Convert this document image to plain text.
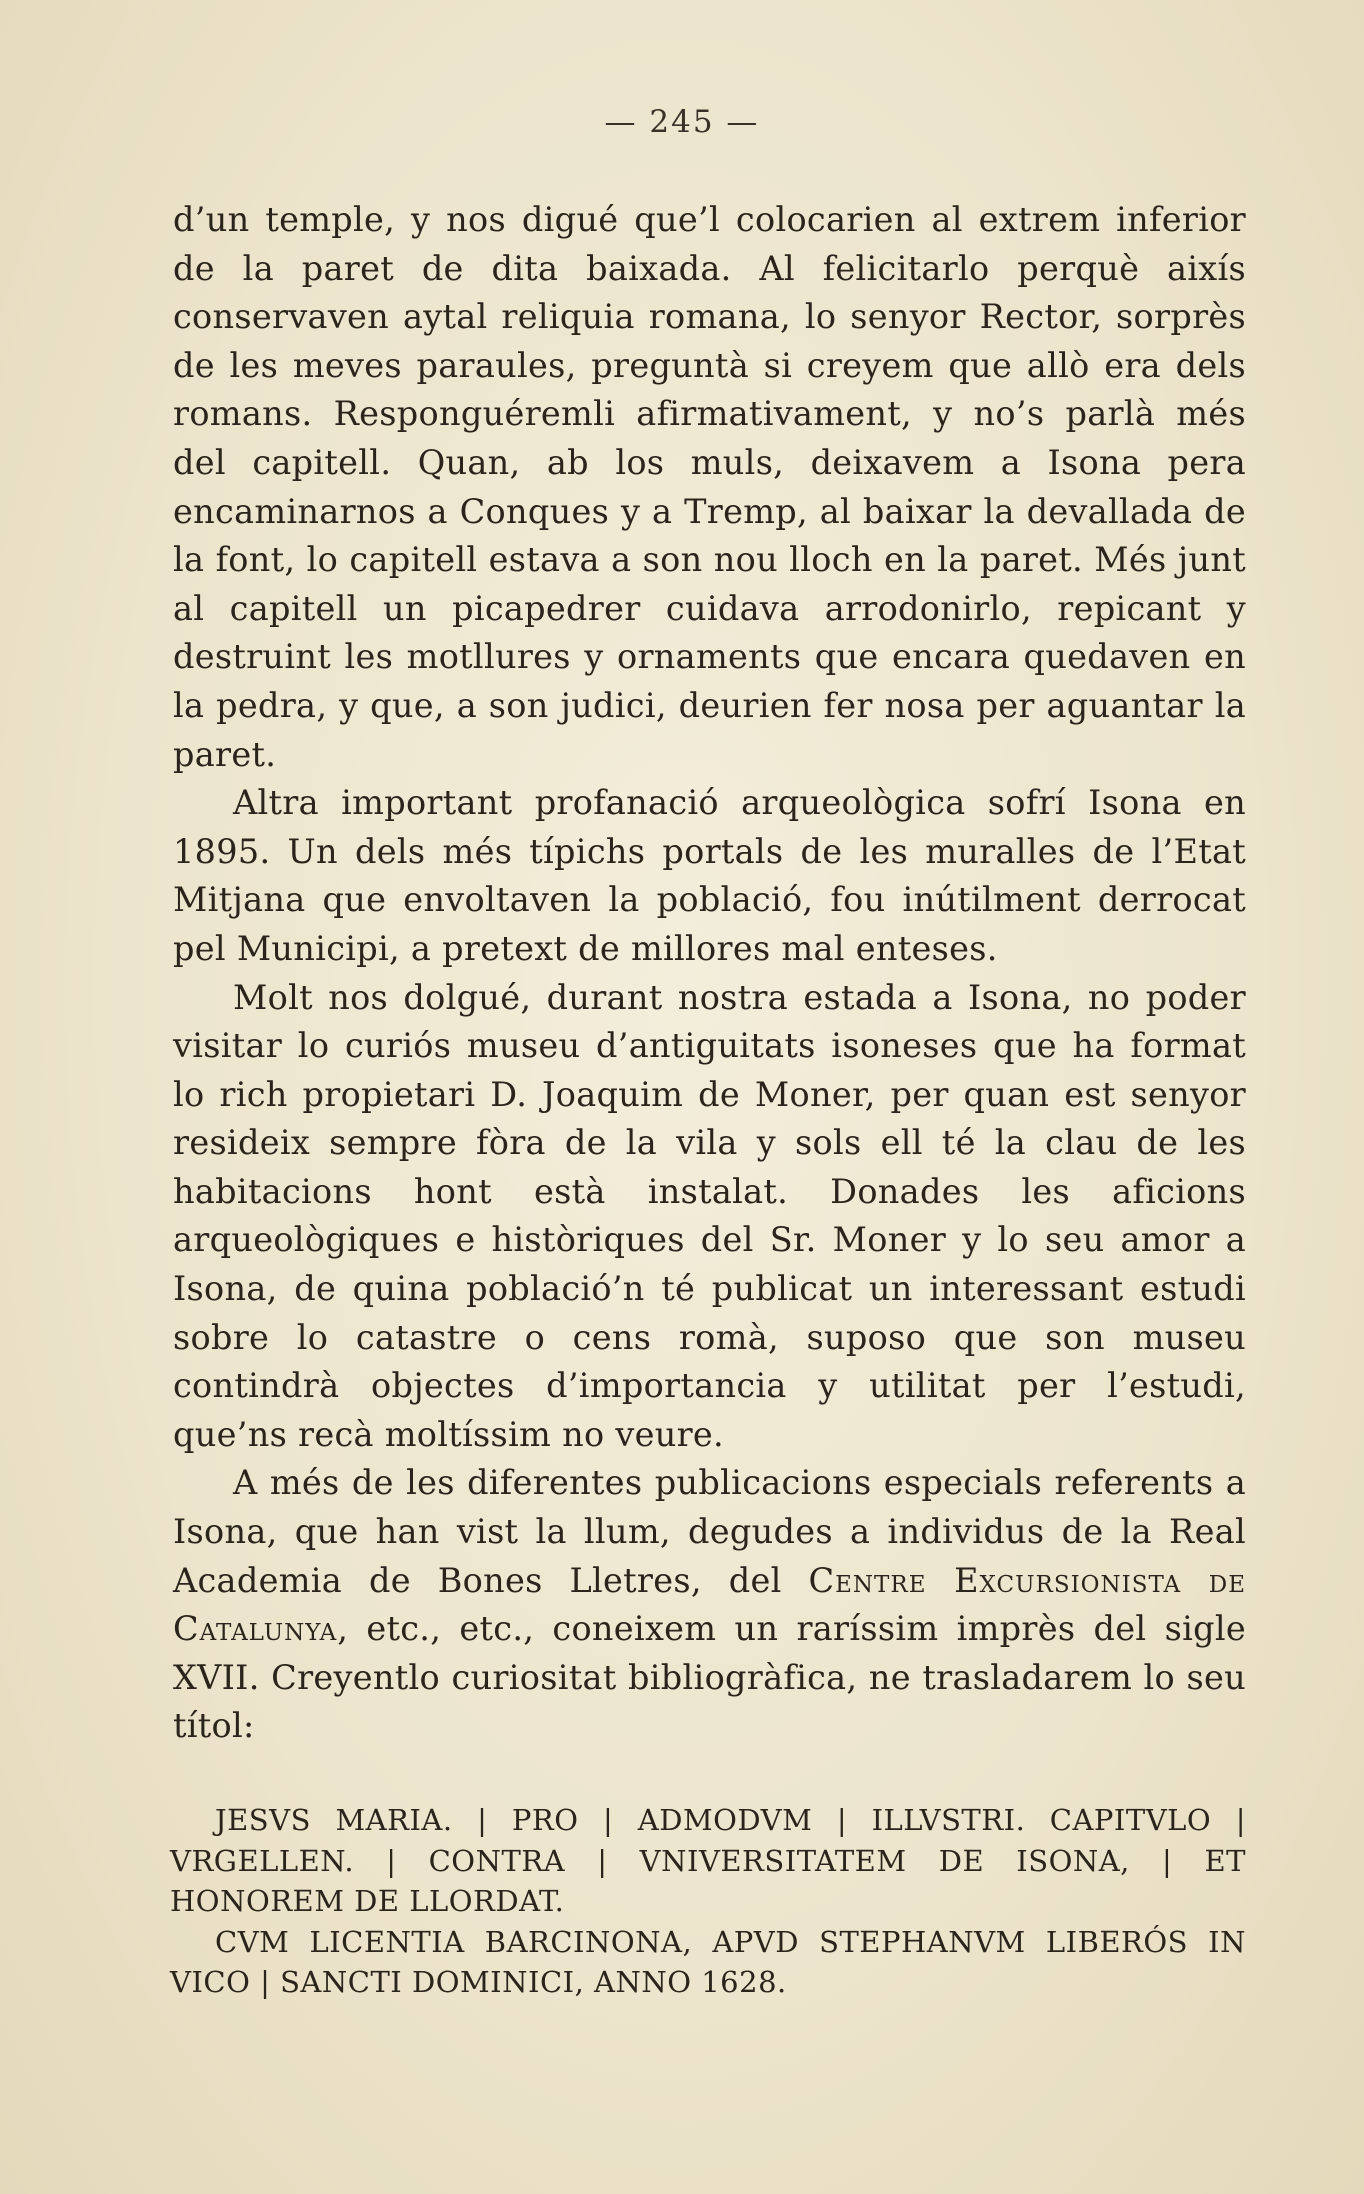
— 245 —

d’un temple, y nos digué que’l colocarien al extrem inferior de la paret de dita baixada. Al felicitarlo perquè aixís conservaven aytal reliquia romana, lo senyor Rector, sorprès de les meves paraules, preguntà si creyem que allò era dels romans. Responguéremli afirmativament, y no’s parlà més del capitell. Quan, ab los muls, deixavem a Isona pera encaminarnos a Conques y a Tremp, al baixar la devallada de la font, lo capitell estava a son nou lloch en la paret. Més junt al capitell un picapedrer cuidava arrodonirlo, repicant y destruint les motllures y ornaments que encara quedaven en la pedra, y que, a son judici, deurien fer nosa per aguantar la paret.

Altra important profanació arqueològica sofrí Isona en 1895. Un dels més típichs portals de les muralles de l’Etat Mitjana que envoltaven la població, fou inútilment derrocat pel Municipi, a pretext de millores mal enteses.

Molt nos dolgué, durant nostra estada a Isona, no poder visitar lo curiós museu d’antiguitats isoneses que ha format lo rich propietari D. Joaquim de Moner, per quan est senyor resideix sempre fòra de la vila y sols ell té la clau de les habitacions hont està instalat. Donades les aficions arqueològiques e històriques del Sr. Moner y lo seu amor a Isona, de quina població’n té publicat un interessant estudi sobre lo catastre o cens romà, suposo que son museu contindrà objectes d’importancia y utilitat per l’estudi, que’ns recà moltíssim no veure.

A més de les diferentes publicacions especials referents a Isona, que han vist la llum, degudes a individus de la Real Academia de Bones Lletres, del Centre Excursionista de Catalunya, etc., etc., coneixem un raríssim imprès del sigle XVII. Creyentlo curiositat bibliogràfica, ne trasladarem lo seu títol:

JESVS MARIA. | PRO | ADMODVM | ILLVSTRI. CAPITVLO | VRGELLEN. | CONTRA | VNIVERSITATEM DE ISONA, | ET HONOREM DE LLORDAT.

CVM LICENTIA BARCINONA, APVD STEPHANVM LIBERÓS IN VICO | SANCTI DOMINICI, ANNO 1628.
